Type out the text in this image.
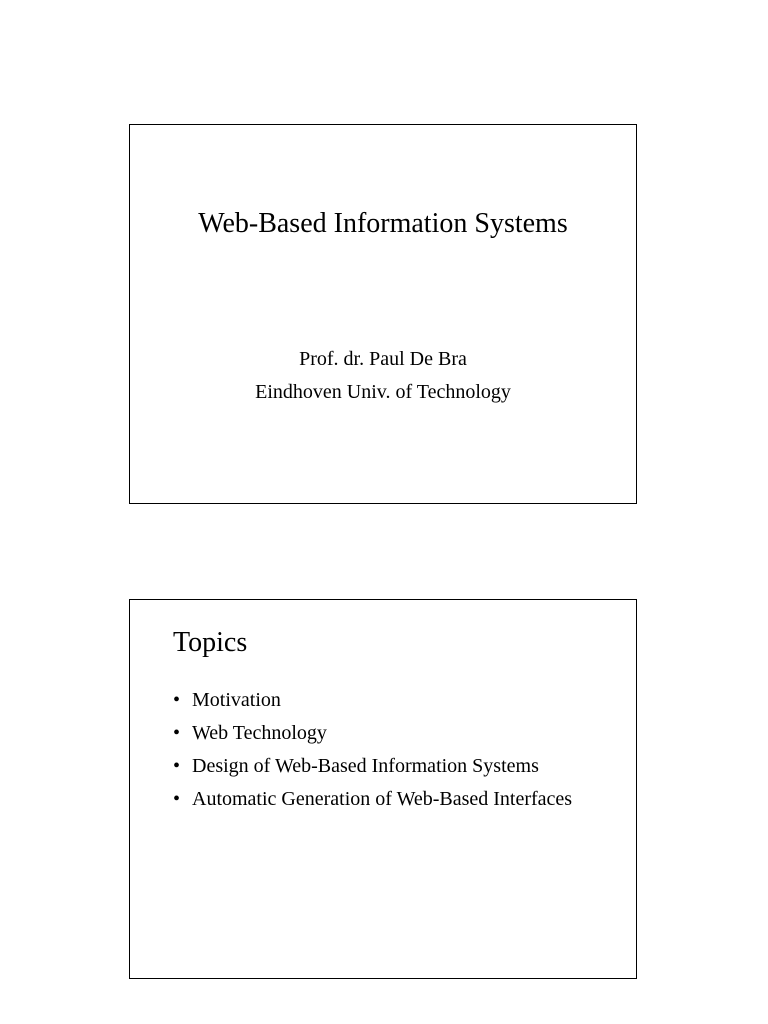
Web-Based Information Systems
Prof. dr. Paul De Bra
Eindhoven Univ. of Technology
Topics
• Motivation
• Web Technology
• Design of Web-Based Information Systems
• Automatic Generation of Web-Based Interfaces
